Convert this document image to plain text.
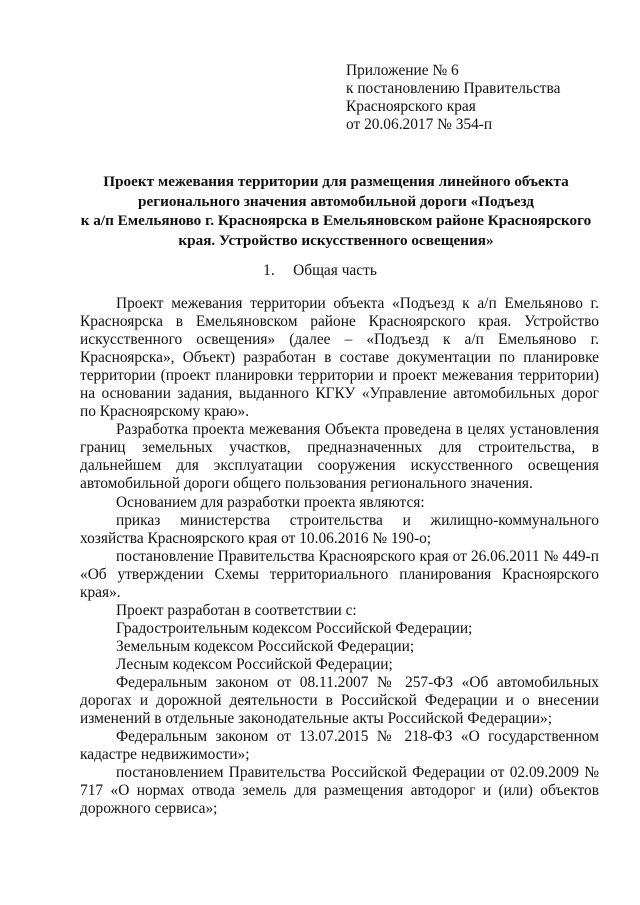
Приложение № 6
к постановлению Правительства
Красноярского края
от 20.06.2017 № 354-п
Проект межевания территории для размещения линейного объекта
регионального значения автомобильной дороги «Подъезд
к а/п Емельяново г. Красноярска в Емельяновском районе Красноярского
края. Устройство искусственного освещения»
1. Общая часть

Проект межевания территории объекта «Подъезд к а/п Емельяново г. Красноярска в Емельяновском районе Красноярского края. Устройство искусственного освещения» (далее – «Подъезд к а/п Емельяново г. Красноярска», Объект) разработан в составе документации по планировке территории (проект планировки территории и проект межевания территории) на основании задания, выданного КГКУ «Управление автомобильных дорог по Красноярскому краю».

Разработка проекта межевания Объекта проведена в целях установления границ земельных участков, предназначенных для строительства, в дальнейшем для эксплуатации сооружения искусственного освещения автомобильной дороги общего пользования регионального значения.

Основанием для разработки проекта являются:

приказ министерства строительства и жилищно-коммунального хозяйства Красноярского края от 10.06.2016 № 190-о;

постановление Правительства Красноярского края от 26.06.2011 № 449-п «Об утверждении Схемы территориального планирования Красноярского края».

Проект разработан в соответствии с:

Градостроительным кодексом Российской Федерации;

Земельным кодексом Российской Федерации;

Лесным кодексом Российской Федерации;

Федеральным законом от 08.11.2007 № 257-ФЗ «Об автомобильных дорогах и дорожной деятельности в Российской Федерации и о внесении изменений в отдельные законодательные акты Российской Федерации»;

Федеральным законом от 13.07.2015 № 218-ФЗ «О государственном кадастре недвижимости»;

постановлением Правительства Российской Федерации от 02.09.2009 № 717 «О нормах отвода земель для размещения автодорог и (или) объектов дорожного сервиса»;
